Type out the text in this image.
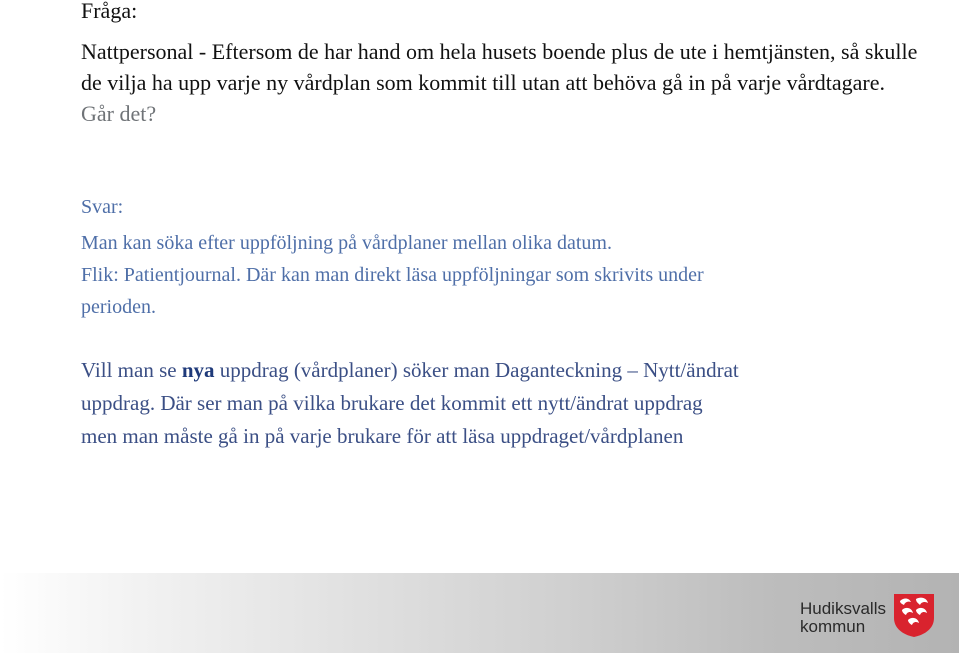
Fråga:
Nattpersonal - Eftersom de har hand om hela husets boende plus de ute i hemtjänsten, så skulle de vilja ha upp varje ny vårdplan som kommit till utan att behöva gå in på varje vårdtagare. Går det?
Svar:
Man kan söka efter uppföljning på vårdplaner mellan olika datum.
Flik: Patientjournal. Där kan man direkt läsa uppföljningar som skrivits under
perioden.
Vill man se nya uppdrag (vårdplaner) söker man Daganteckning – Nytt/ändrat
uppdrag. Där ser man på vilka brukare det kommit ett nytt/ändrat uppdrag
men man måste gå in på varje brukare för att läsa uppdraget/vårdplanen
Hudiksvalls
kommun
